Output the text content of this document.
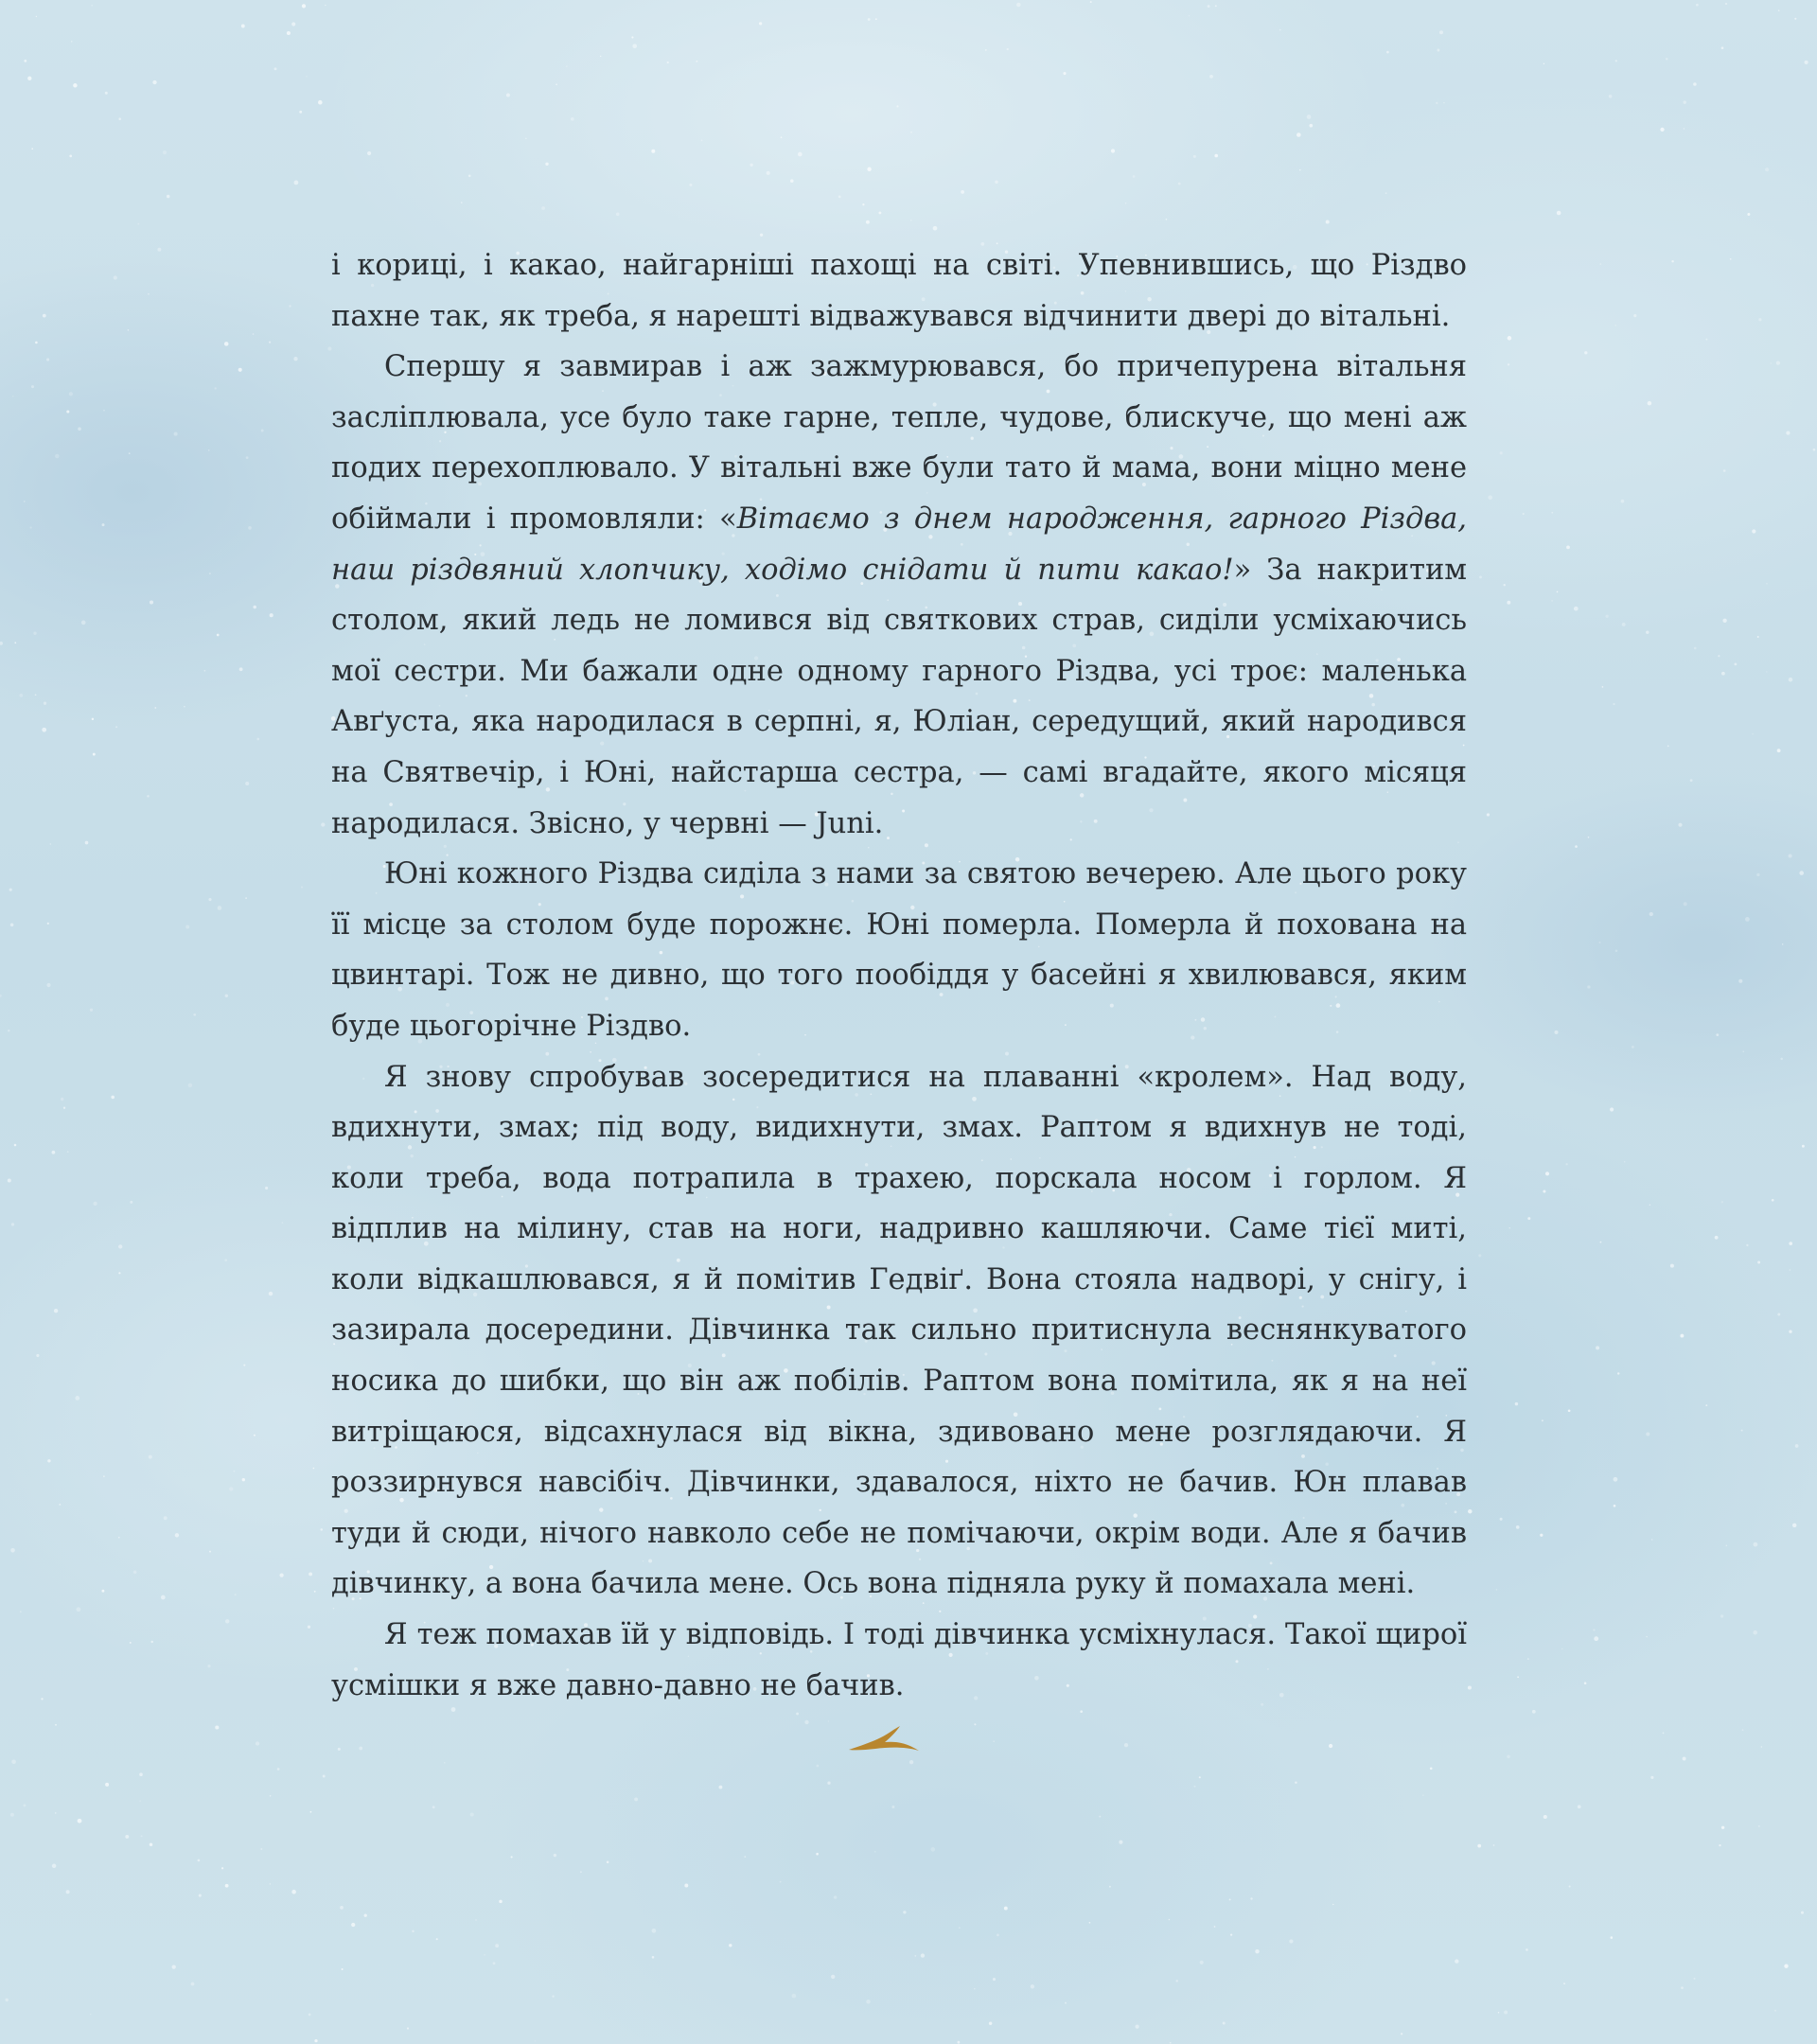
і кориці, і какао, найгарніші пахощі на світі. Упевнившись, що Різдво пахне так, як треба, я нарешті відважувався відчинити двері до вітальні.

Спершу я завмирав і аж зажмурювався, бо причепурена вітальня засліплювала, усе було таке гарне, тепле, чудове, блискуче, що мені аж подих перехоплювало. У вітальні вже були тато й мама, вони міцно мене обіймали і промовляли: «Вітаємо з днем народження, гарного Різдва, наш різдвяний хлопчику, ходімо снідати й пити какао!» За накритим столом, який ледь не ломився від святкових страв, сиділи усміхаючись мої сестри. Ми бажали одне одному гарного Різдва, усі троє: маленька Авґуста, яка народилася в серпні, я, Юліан, середущий, який народився на Святвечір, і Юні, найстарша сестра, — самі вгадайте, якого місяця народилася. Звісно, у червні — Juni.

Юні кожного Різдва сиділа з нами за святою вечерею. Але цього року її місце за столом буде порожнє. Юні померла. Померла й похована на цвинтарі. Тож не дивно, що того пообіддя у басейні я хвилювався, яким буде цьогорічне Різдво.

Я знову спробував зосередитися на плаванні «кролем». Над воду, вдихнути, змах; під воду, видихнути, змах. Раптом я вдихнув не тоді, коли треба, вода потрапила в трахею, порскала носом і горлом. Я відплив на мілину, став на ноги, надривно кашляючи. Саме тієї миті, коли відкашлювався, я й помітив Гедвіґ. Вона стояла надворі, у снігу, і зазирала досередини. Дівчинка так сильно притиснула веснянкуватого носика до шибки, що він аж побілів. Раптом вона помітила, як я на неї витріщаюся, відсахнулася від вікна, здивовано мене розглядаючи. Я роззирнувся навсібіч. Дівчинки, здавалося, ніхто не бачив. Юн плавав туди й сюди, нічого навколо себе не помічаючи, окрім води. Але я бачив дівчинку, а вона бачила мене. Ось вона підняла руку й помахала мені.

Я теж помахав їй у відповідь. І тоді дівчинка усміхнулася. Такої щирої усмішки я вже давно-давно не бачив.
